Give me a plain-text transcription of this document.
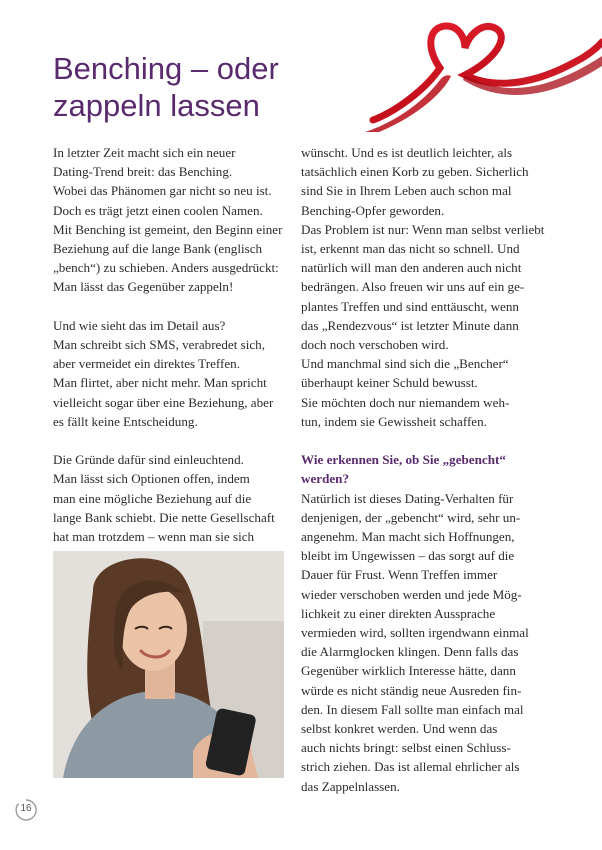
Benching – oder
zappeln lassen
In letzter Zeit macht sich ein neuer
Dating-Trend breit: das Benching.
Wobei das Phänomen gar nicht so neu ist.
Doch es trägt jetzt einen coolen Namen.
Mit Benching ist gemeint, den Beginn einer
Beziehung auf die lange Bank (englisch
„bench“) zu schieben. Anders ausgedrückt:
Man lässt das Gegenüber zappeln!
Und wie sieht das im Detail aus?
Man schreibt sich SMS, verabredet sich,
aber vermeidet ein direktes Treffen.
Man flirtet, aber nicht mehr. Man spricht
vielleicht sogar über eine Beziehung, aber
es fällt keine Entscheidung.
Die Gründe dafür sind einleuchtend.
Man lässt sich Optionen offen, indem
man eine mögliche Beziehung auf die
lange Bank schiebt. Die nette Gesellschaft
hat man trotzdem – wenn man sie sich
wünscht. Und es ist deutlich leichter, als
tatsächlich einen Korb zu geben. Sicherlich
sind Sie in Ihrem Leben auch schon mal
Benching-Opfer geworden.
Das Problem ist nur: Wenn man selbst verliebt
ist, erkennt man das nicht so schnell. Und
natürlich will man den anderen auch nicht
bedrängen. Also freuen wir uns auf ein ge-
plantes Treffen und sind enttäuscht, wenn
das „Rendezvous“ ist letzter Minute dann
doch noch verschoben wird.
Und manchmal sind sich die „Bencher“
überhaupt keiner Schuld bewusst.
Sie möchten doch nur niemandem weh-
tun, indem sie Gewissheit schaffen.
Wie erkennen Sie, ob Sie „gebencht“
werden?
Natürlich ist dieses Dating-Verhalten für
denjenigen, der „gebencht“ wird, sehr un-
angenehm. Man macht sich Hoffnungen,
bleibt im Ungewissen – das sorgt auf die
Dauer für Frust. Wenn Treffen immer
wieder verschoben werden und jede Mög-
lichkeit zu einer direkten Aussprache
vermieden wird, sollten irgendwann einmal
die Alarmglocken klingen. Denn falls das
Gegenüber wirklich Interesse hätte, dann
würde es nicht ständig neue Ausreden fin-
den. In diesem Fall sollte man einfach mal
selbst konkret werden. Und wenn das
auch nichts bringt: selbst einen Schluss-
strich ziehen. Das ist allemal ehrlicher als
das Zappelnlassen.
16
